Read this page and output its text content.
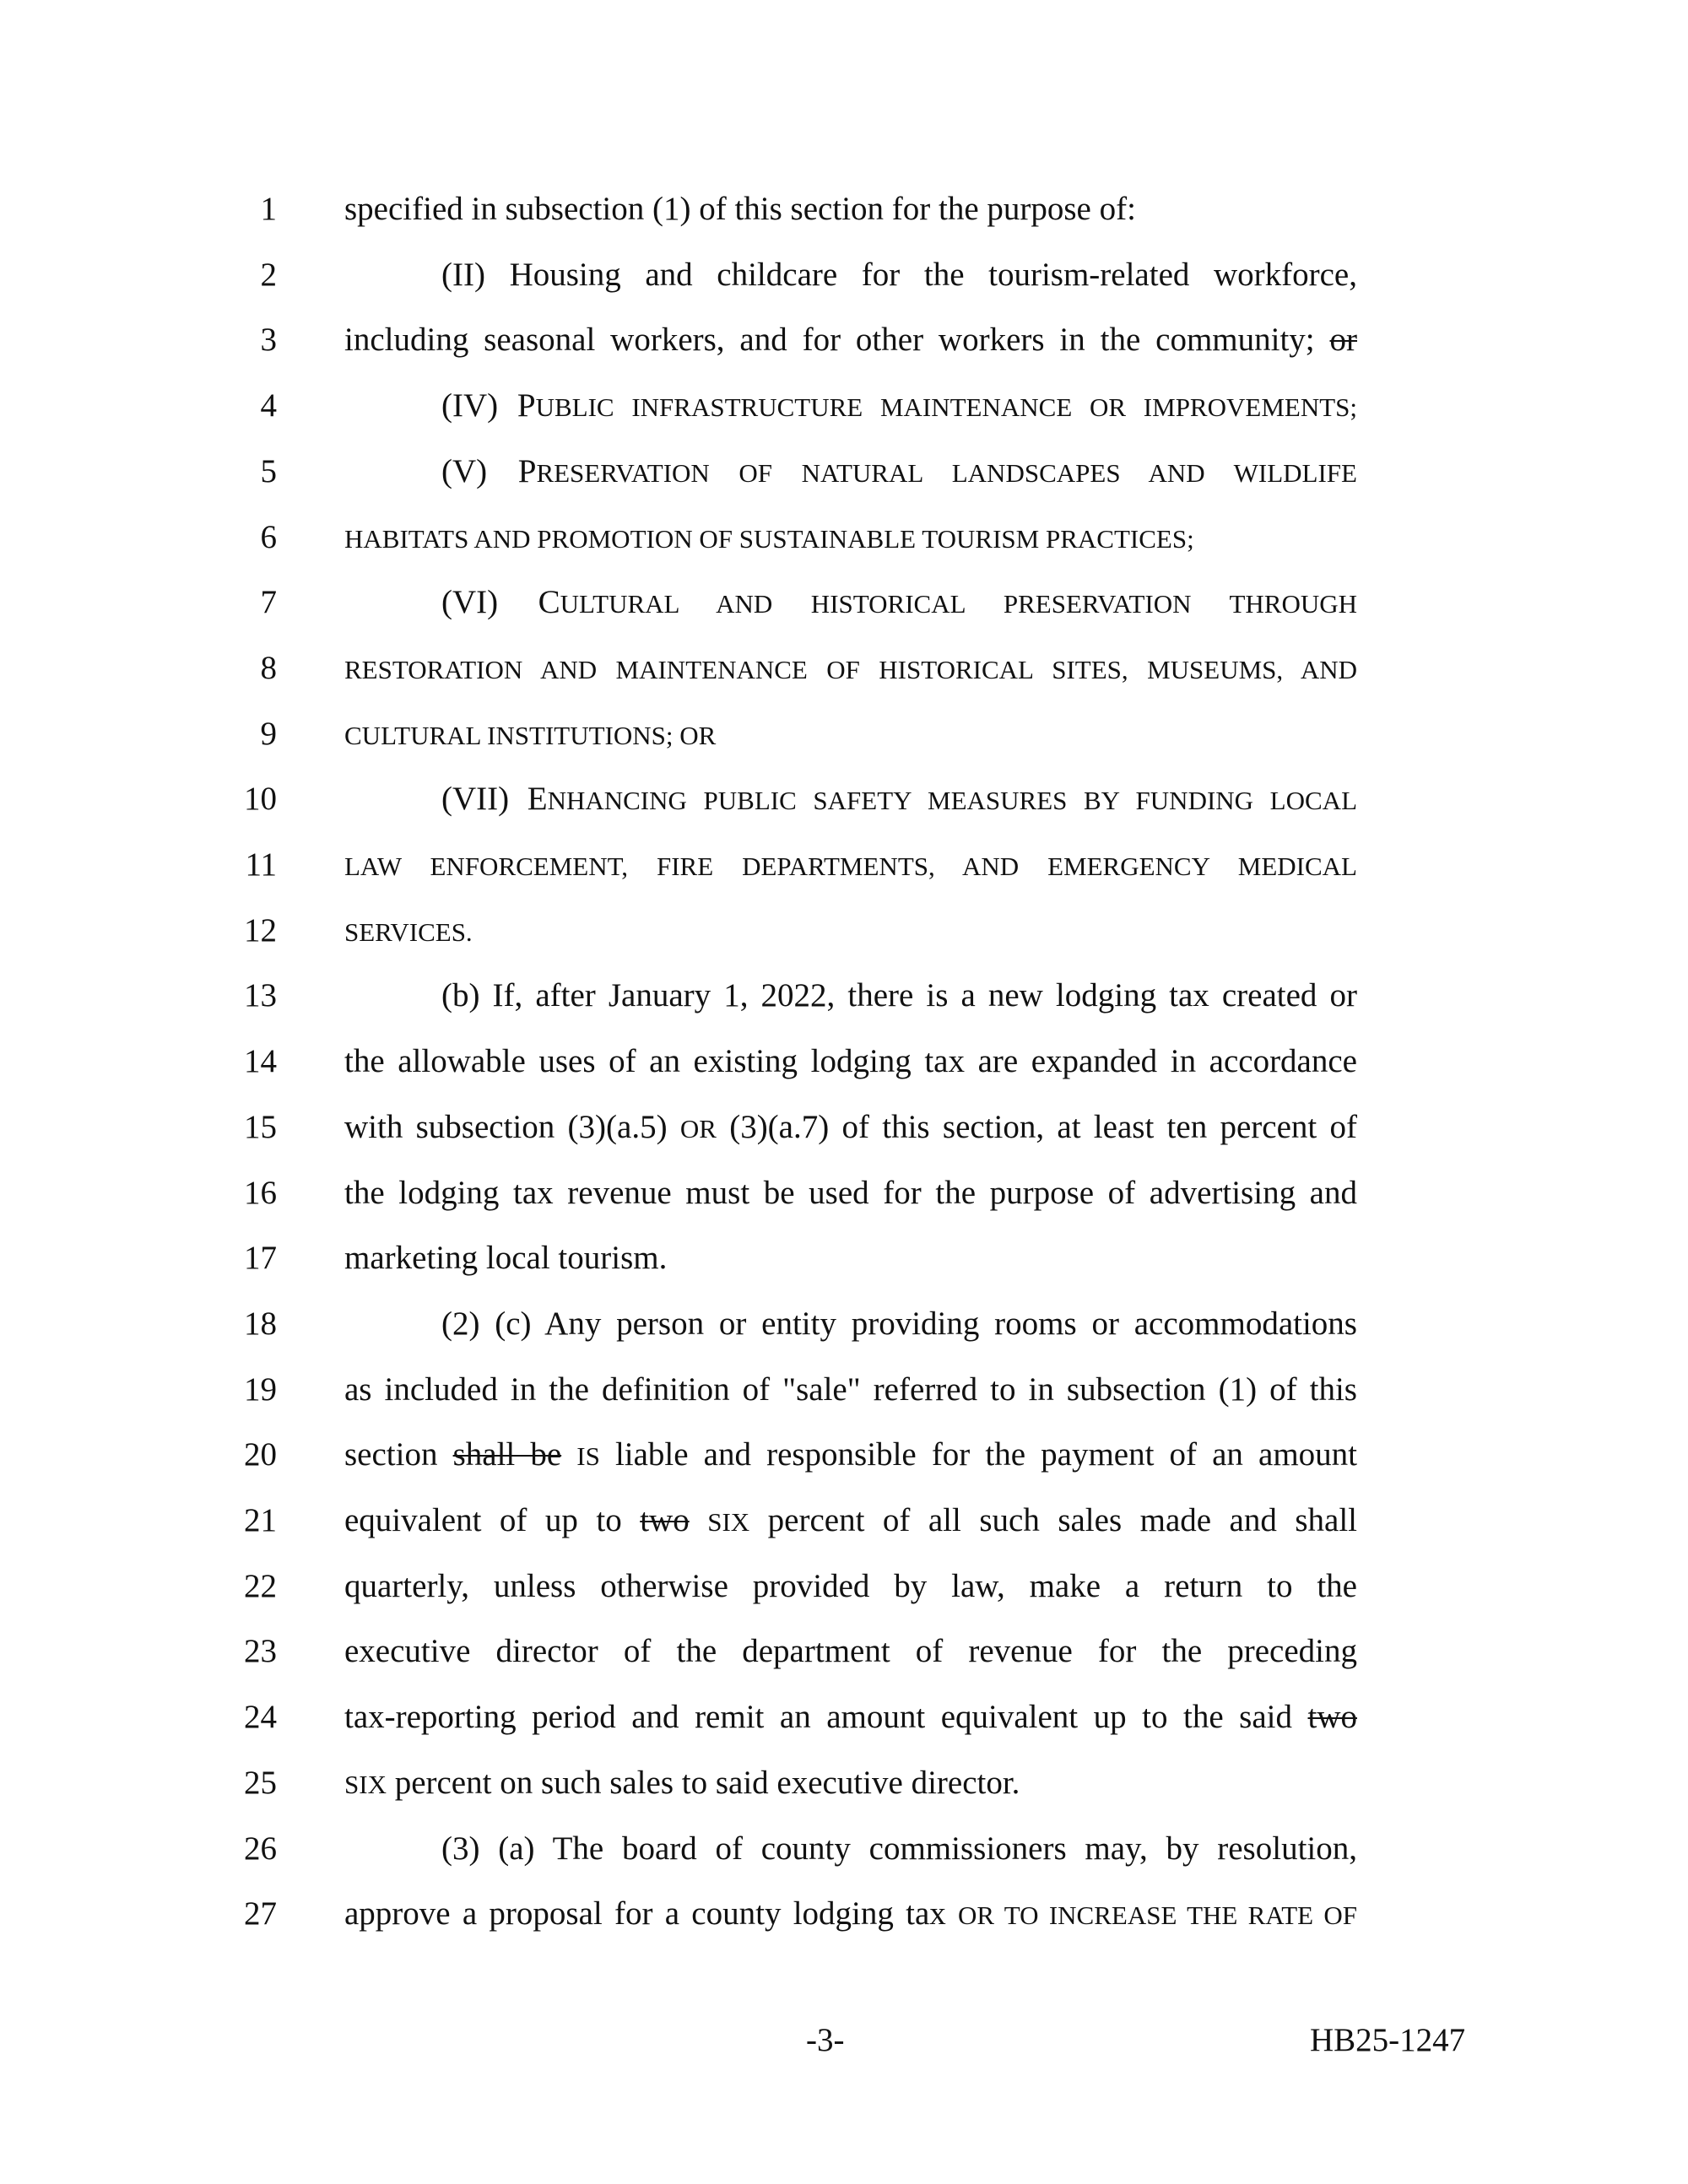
1 specified in subsection (1) of this section for the purpose of:
2	(II) Housing and childcare for the tourism-related workforce,
3 including seasonal workers, and for other workers in the community; or
4	(IV) PUBLIC INFRASTRUCTURE MAINTENANCE OR IMPROVEMENTS;
5	(V) PRESERVATION OF NATURAL LANDSCAPES AND WILDLIFE
6	HABITATS AND PROMOTION OF SUSTAINABLE TOURISM PRACTICES;
7	(VI) CULTURAL AND HISTORICAL PRESERVATION THROUGH
8	RESTORATION AND MAINTENANCE OF HISTORICAL SITES, MUSEUMS, AND
9	CULTURAL INSTITUTIONS; OR
10	(VII) ENHANCING PUBLIC SAFETY MEASURES BY FUNDING LOCAL
11	LAW ENFORCEMENT, FIRE DEPARTMENTS, AND EMERGENCY MEDICAL
12	SERVICES.
13	(b) If, after January 1, 2022, there is a new lodging tax created or
14 the allowable uses of an existing lodging tax are expanded in accordance
15 with subsection (3)(a.5) OR (3)(a.7) of this section, at least ten percent of
16 the lodging tax revenue must be used for the purpose of advertising and
17 marketing local tourism.
18	(2) (c) Any person or entity providing rooms or accommodations
19 as included in the definition of "sale" referred to in subsection (1) of this
20 section shall be IS liable and responsible for the payment of an amount
21 equivalent of up to two SIX percent of all such sales made and shall
22 quarterly, unless otherwise provided by law, make a return to the
23 executive director of the department of revenue for the preceding
24 tax-reporting period and remit an amount equivalent up to the said two
25	SIX percent on such sales to said executive director.
26	(3) (a) The board of county commissioners may, by resolution,
27 approve a proposal for a county lodging tax OR TO INCREASE THE RATE OF
-3-	HB25-1247
